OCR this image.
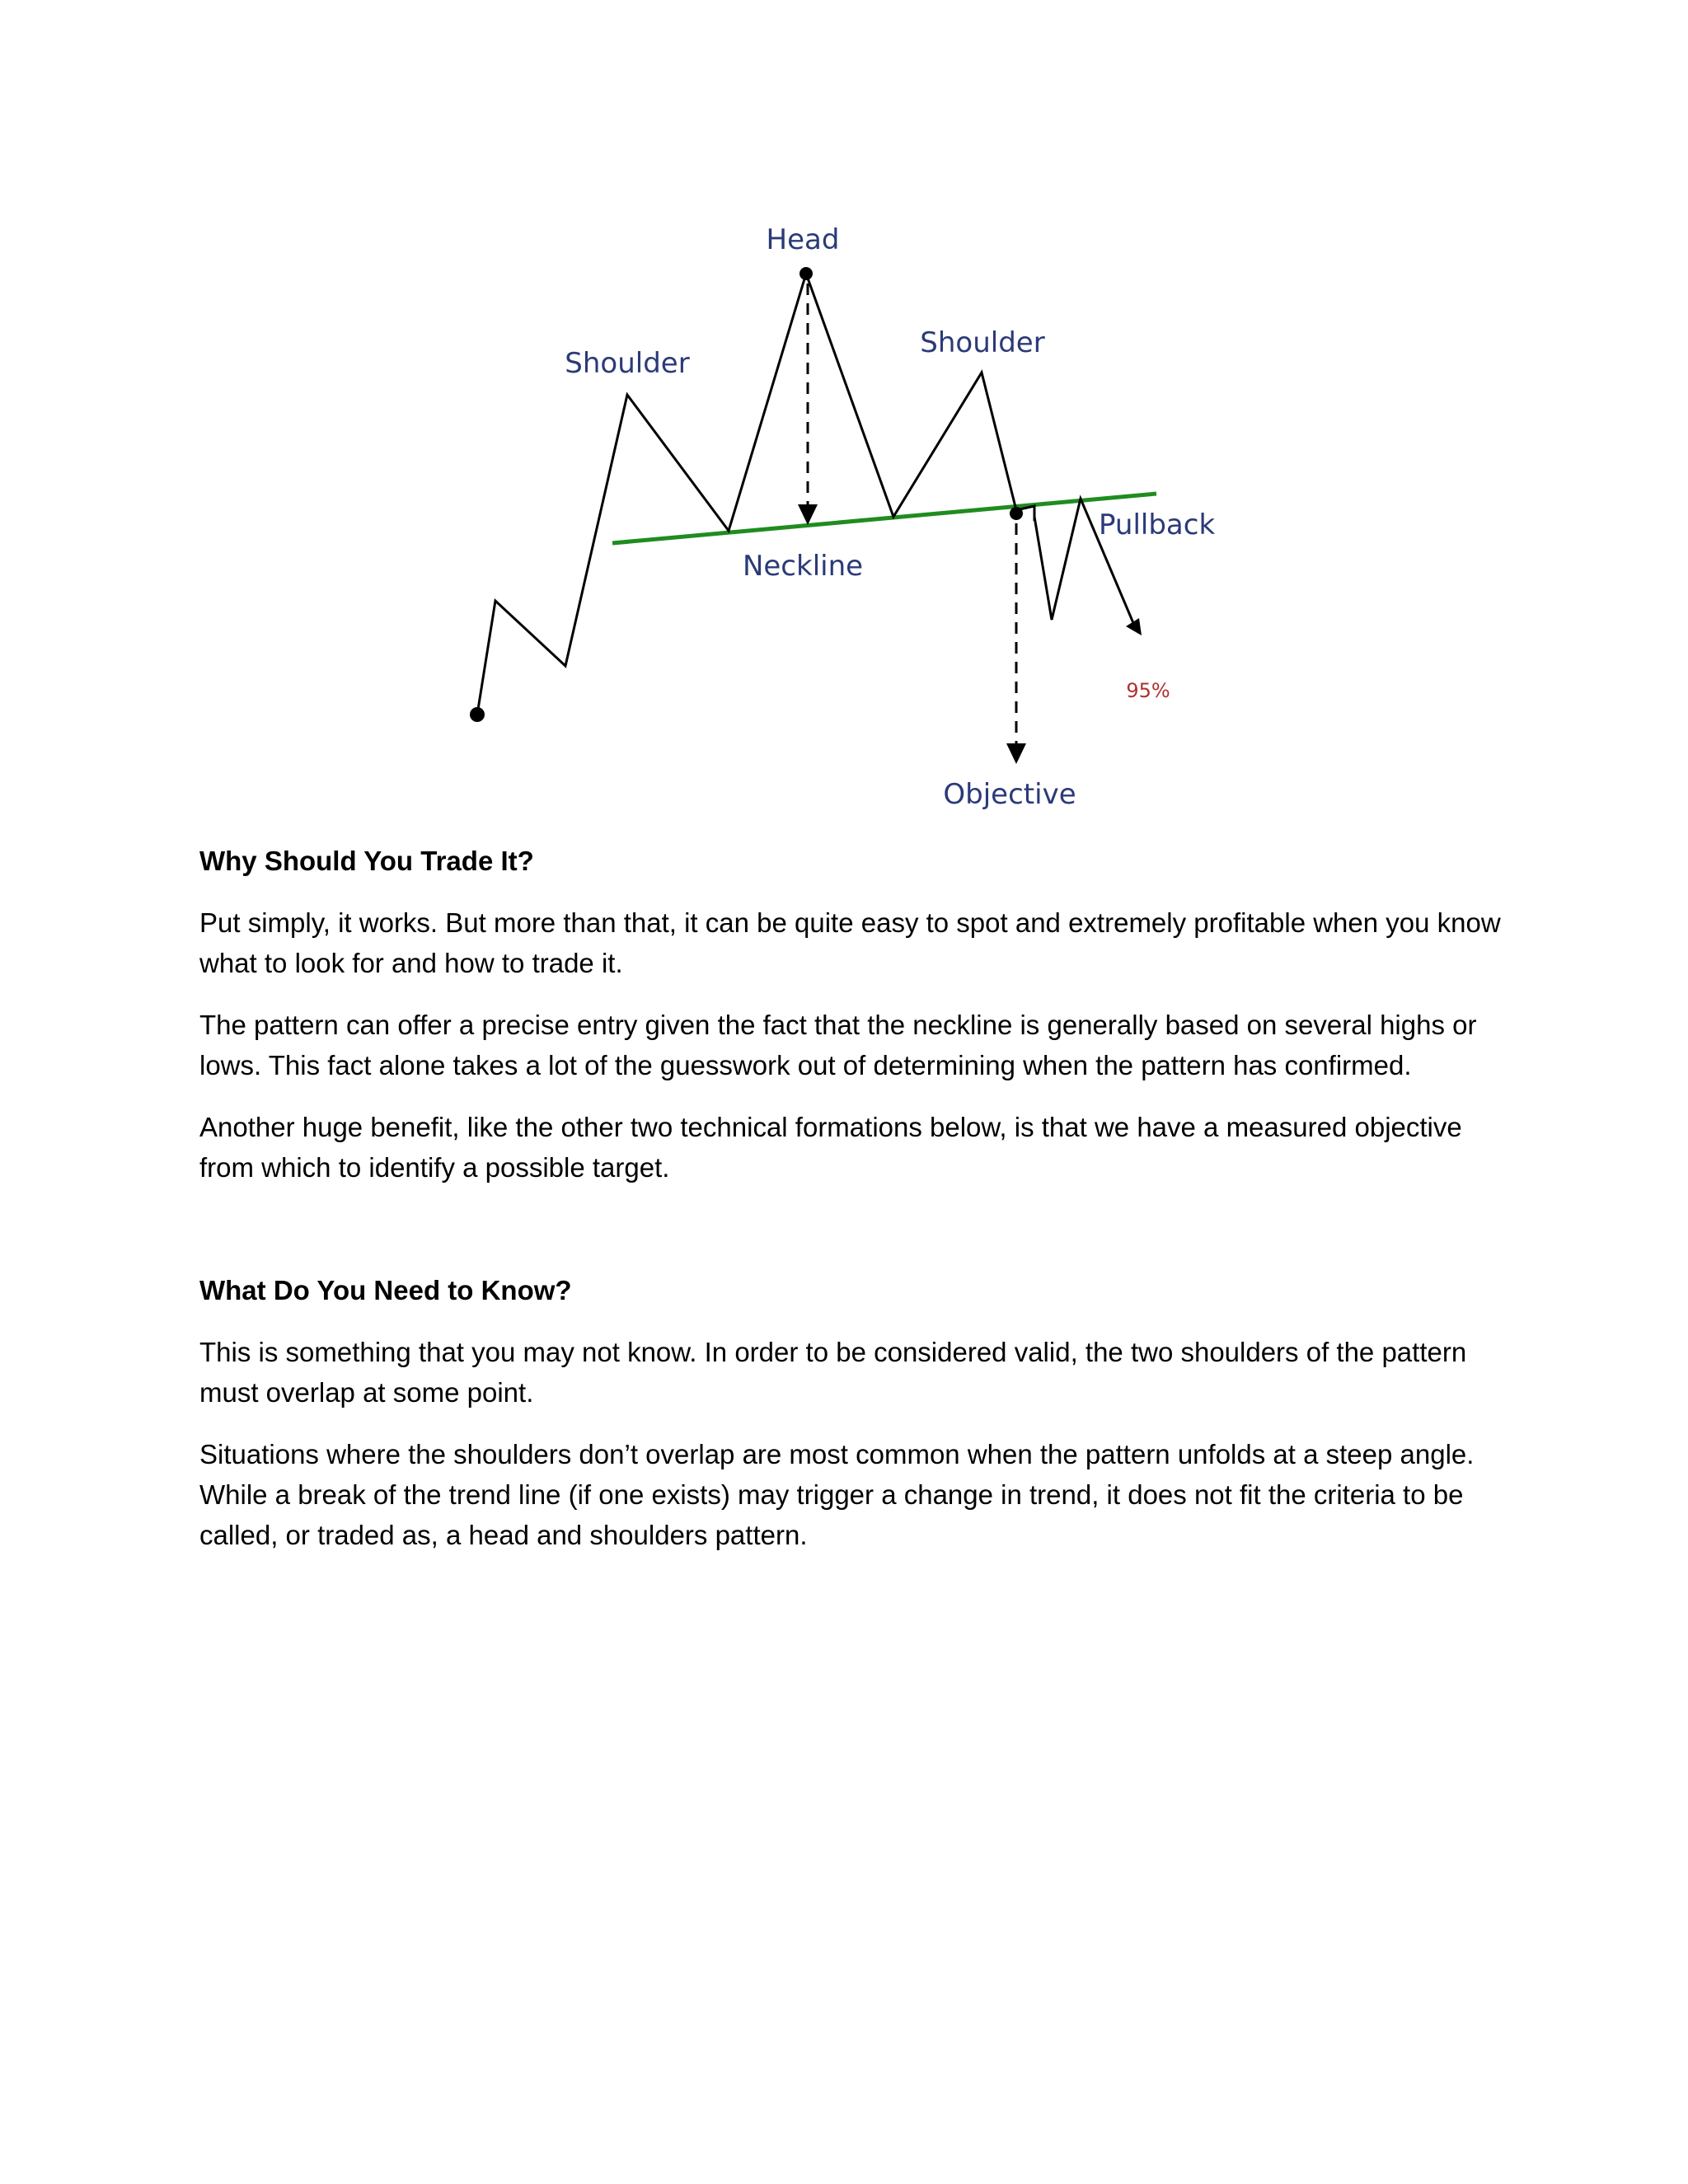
Head
Shoulder
Shoulder
Neckline
Pullback
95%
Objective
Why Should You Trade It?

Put simply, it works. But more than that, it can be quite easy to spot and extremely profitable when you know what to look for and how to trade it.

The pattern can offer a precise entry given the fact that the neckline is generally based on several highs or lows. This fact alone takes a lot of the guesswork out of determining when the pattern has confirmed.

Another huge benefit, like the other two technical formations below, is that we have a measured objective from which to identify a possible target.

What Do You Need to Know?

This is something that you may not know. In order to be considered valid, the two shoulders of the pattern must overlap at some point.

Situations where the shoulders don’t overlap are most common when the pattern unfolds at a steep angle. While a break of the trend line (if one exists) may trigger a change in trend, it does not fit the criteria to be called, or traded as, a head and shoulders pattern.
